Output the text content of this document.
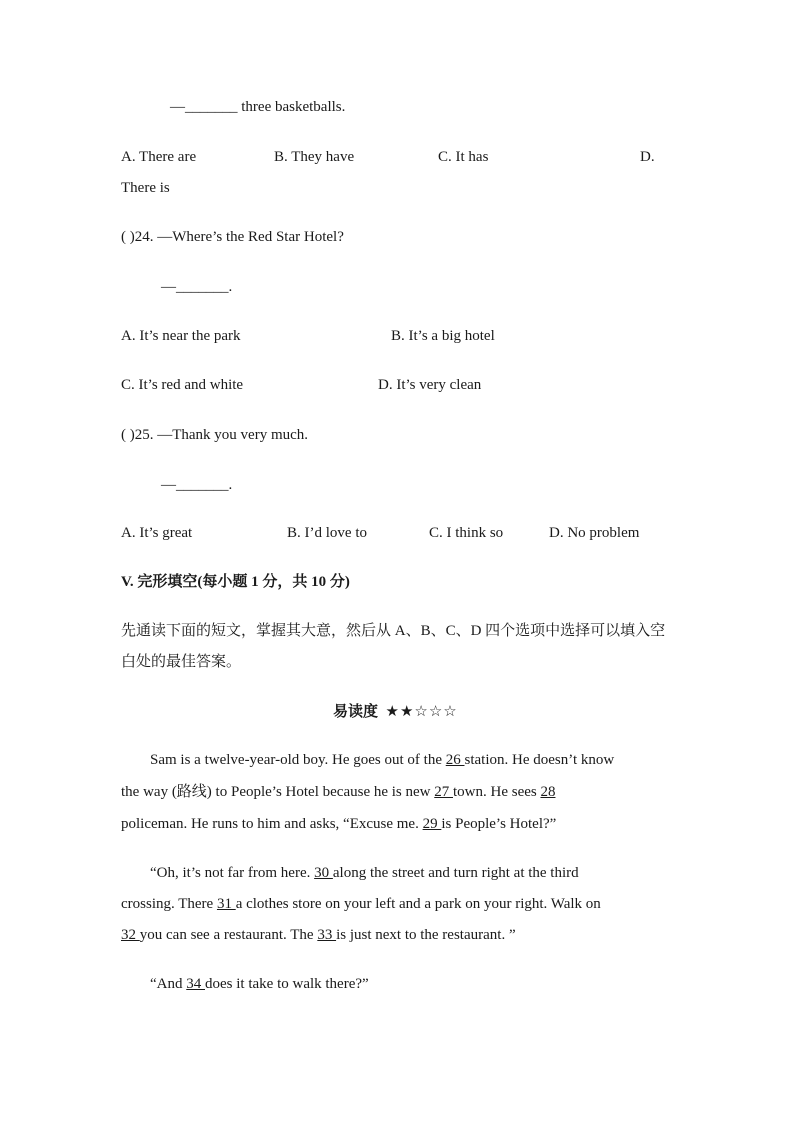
—_______ three basketballs.
A. There are	B. They have	C. It has	D.
There is
( )24. —Where’s the Red Star Hotel?
—_______.
A. It’s near the park	B. It’s a big hotel
C. It’s red and white	D. It’s very clean
( )25. —Thank you very much.
—_______.
A. It’s great	B. I’d love to	C. I think so	D. No problem
V. 完形填空(每小题 1 分，共 10 分)
先通读下面的短文，掌握其大意，然后从 A、B、C、D 四个选项中选择可以填入空
白处的最佳答案。
易读度 ★★☆☆☆
Sam is a twelve-year-old boy. He goes out of the 26 station. He doesn’t know
the way (路线) to People’s Hotel because he is new 27 town. He sees 28
policeman. He runs to him and asks, “Excuse me. 29 is People’s Hotel?”
“Oh, it’s not far from here. 30 along the street and turn right at the third
crossing. There 31 a clothes store on your left and a park on your right. Walk on
32 you can see a restaurant. The 33 is just next to the restaurant. ”
“And 34 does it take to walk there?”
